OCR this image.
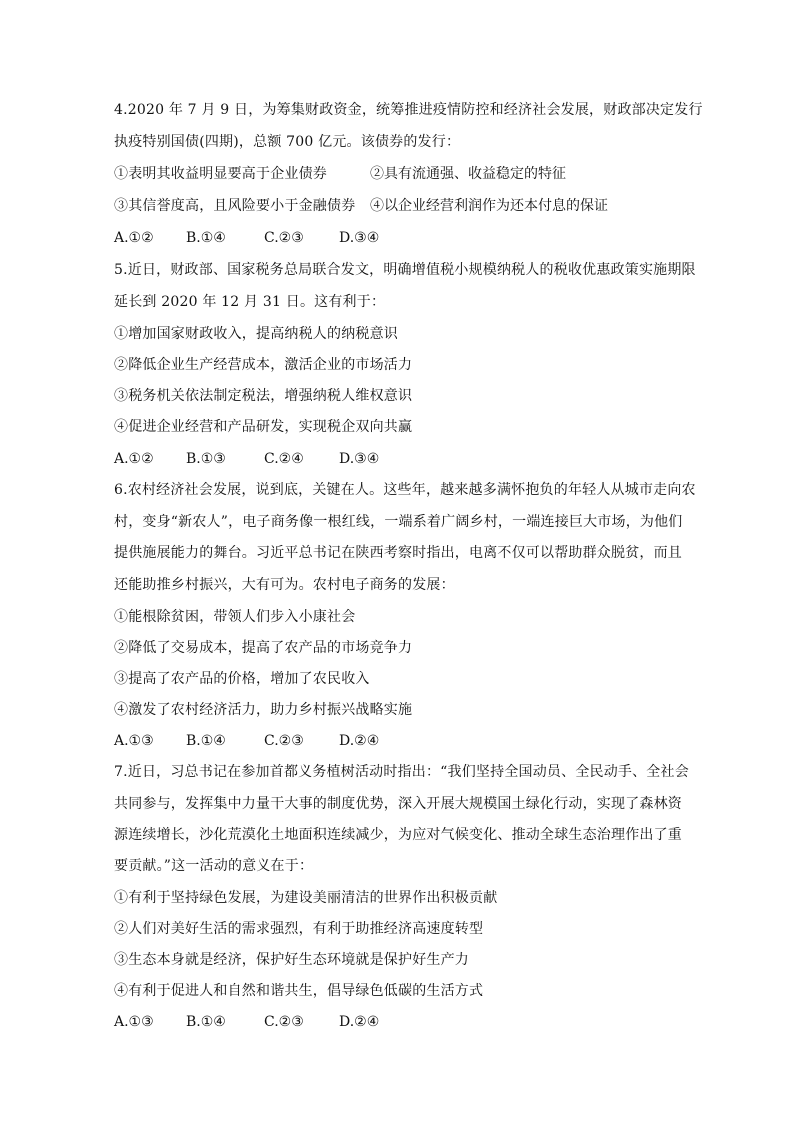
4.2020 年 7 月 9 日，为筹集财政资金，统筹推进疫情防控和经济社会发展，财政部决定发行
执疫特别国债(四期)，总额 700 亿元。该债券的发行：
①表明其收益明显要高于企业债券	②具有流通强、收益稳定的特征
③其信誉度高，且风险要小于金融债券 ④以企业经营利润作为还本付息的保证
A.①② B.①④	C.②③	D.③④
5.近日，财政部、国家税务总局联合发文，明确增值税小规模纳税人的税收优惠政策实施期限
延长到 2020 年 12 月 31 日。这有利于：
①增加国家财政收入，提高纳税人的纳税意识
②降低企业生产经营成本，激活企业的市场活力
③税务机关依法制定税法，增强纳税人维权意识
④促进企业经营和产品研发，实现税企双向共赢
A.①② B.①③	C.②④	D.③④
6.农村经济社会发展，说到底，关键在人。这些年，越来越多满怀抱负的年轻人从城市走向农
村，变身“新农人”，电子商务像一根红线，一端系着广阔乡村，一端连接巨大市场，为他们
提供施展能力的舞台。习近平总书记在陕西考察时指出，电离不仅可以帮助群众脱贫，而且
还能助推乡村振兴，大有可为。农村电子商务的发展：
①能根除贫困，带领人们步入小康社会
②降低了交易成本，提高了农产品的市场竞争力
③提高了农产品的价格，增加了农民收入
④激发了农村经济活力，助力乡村振兴战略实施
A.①③ B.①④	C.②③	D.②④
7.近日，习总书记在参加首都义务植树活动时指出：“我们坚持全国动员、全民动手、全社会
共同参与，发挥集中力量干大事的制度优势，深入开展大规模国土绿化行动，实现了森林资
源连续增长，沙化荒漠化土地面积连续减少，为应对气候变化、推动全球生态治理作出了重
要贡献。”这一活动的意义在于：
①有利于坚持绿色发展，为建设美丽清洁的世界作出积极贡献
②人们对美好生活的需求强烈，有利于助推经济高速度转型
③生态本身就是经济，保护好生态环境就是保护好生产力
④有利于促进人和自然和谐共生，倡导绿色低碳的生活方式
A.①③ B.①④	C.②③	D.②④
